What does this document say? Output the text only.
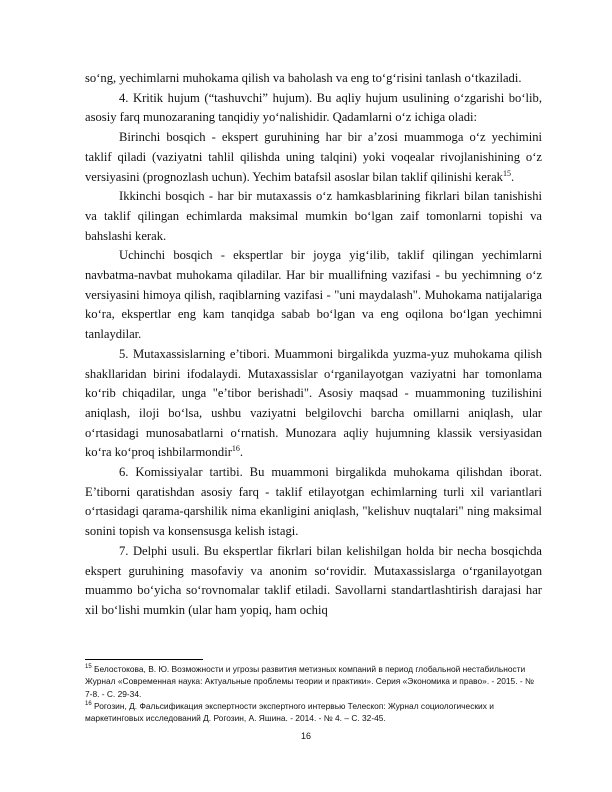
so‘ng, yechimlarni muhokama qilish va baholash va eng to‘g‘risini tanlash o‘tkaziladi.

4. Kritik hujum (“tashuvchi” hujum). Bu aqliy hujum usulining o‘zgarishi bo‘lib, asosiy farq munozaraning tanqidiy yo‘nalishidir. Qadamlarni o‘z ichiga oladi:

Birinchi bosqich - ekspert guruhining har bir a’zosi muammoga o‘z yechimini taklif qiladi (vaziyatni tahlil qilishda uning talqini) yoki voqealar rivojlanishining o‘z versiyasini (prognozlash uchun). Yechim batafsil asoslar bilan taklif qilinishi kerak$^{15}$.

Ikkinchi bosqich - har bir mutaxassis o‘z hamkasblarining fikrlari bilan tanishishi va taklif qilingan echimlarda maksimal mumkin bo‘lgan zaif tomonlarni topishi va bahslashi kerak.

Uchinchi bosqich - ekspertlar bir joyga yig‘ilib, taklif qilingan yechimlarni navbatma-navbat muhokama qiladilar. Har bir muallifning vazifasi - bu yechimning o‘z versiyasini himoya qilish, raqiblarning vazifasi - "uni maydalash". Muhokama natijalariga ko‘ra, ekspertlar eng kam tanqidga sabab bo‘lgan va eng oqilona bo‘lgan yechimni tanlaydilar.

5. Mutaxassislarning e’tibori. Muammoni birgalikda yuzma-yuz muhokama qilish shakllaridan birini ifodalaydi. Mutaxassislar o‘rganilayotgan vaziyatni har tomonlama ko‘rib chiqadilar, unga "e’tibor berishadi". Asosiy maqsad - muammoning tuzilishini aniqlash, iloji bo‘lsa, ushbu vaziyatni belgilovchi barcha omillarni aniqlash, ular o‘rtasidagi munosabatlarni o‘rnatish. Munozara aqliy hujumning klassik versiyasidan ko‘ra ko‘proq ishbilarmondir$^{16}$.

6. Komissiyalar tartibi. Bu muammoni birgalikda muhokama qilishdan iborat. E’tiborni qaratishdan asosiy farq - taklif etilayotgan echimlarning turli xil variantlari o‘rtasidagi qarama-qarshilik nima ekanligini aniqlash, "kelishuv nuqtalari" ning maksimal sonini topish va konsensusga kelish istagi.

7. Delphi usuli. Bu ekspertlar fikrlari bilan kelishilgan holda bir necha bosqichda ekspert guruhining masofaviy va anonim so‘rovidir. Mutaxassislarga o‘rganilayotgan muammo bo‘yicha so‘rovnomalar taklif etiladi. Savollarni standartlashtirish darajasi har xil bo‘lishi mumkin (ular ham yopiq, ham ochiq

$^{15}$ Белостокова, В. Ю. Возможности и угрозы развития метизных компаний в период глобальной нестабильности Журнал «Современная наука: Актуальные проблемы теории и практики». Серия «Экономика и право». - 2015. - № 7-8. - С. 29-34.

$^{16}$ Рогозин, Д. Фальсификация экспертности экспертного интервью Телескоп: Журнал социологических и маркетинговых исследований Д. Рогозин, А. Яшина. - 2014. - № 4. – С. 32-45.

16
